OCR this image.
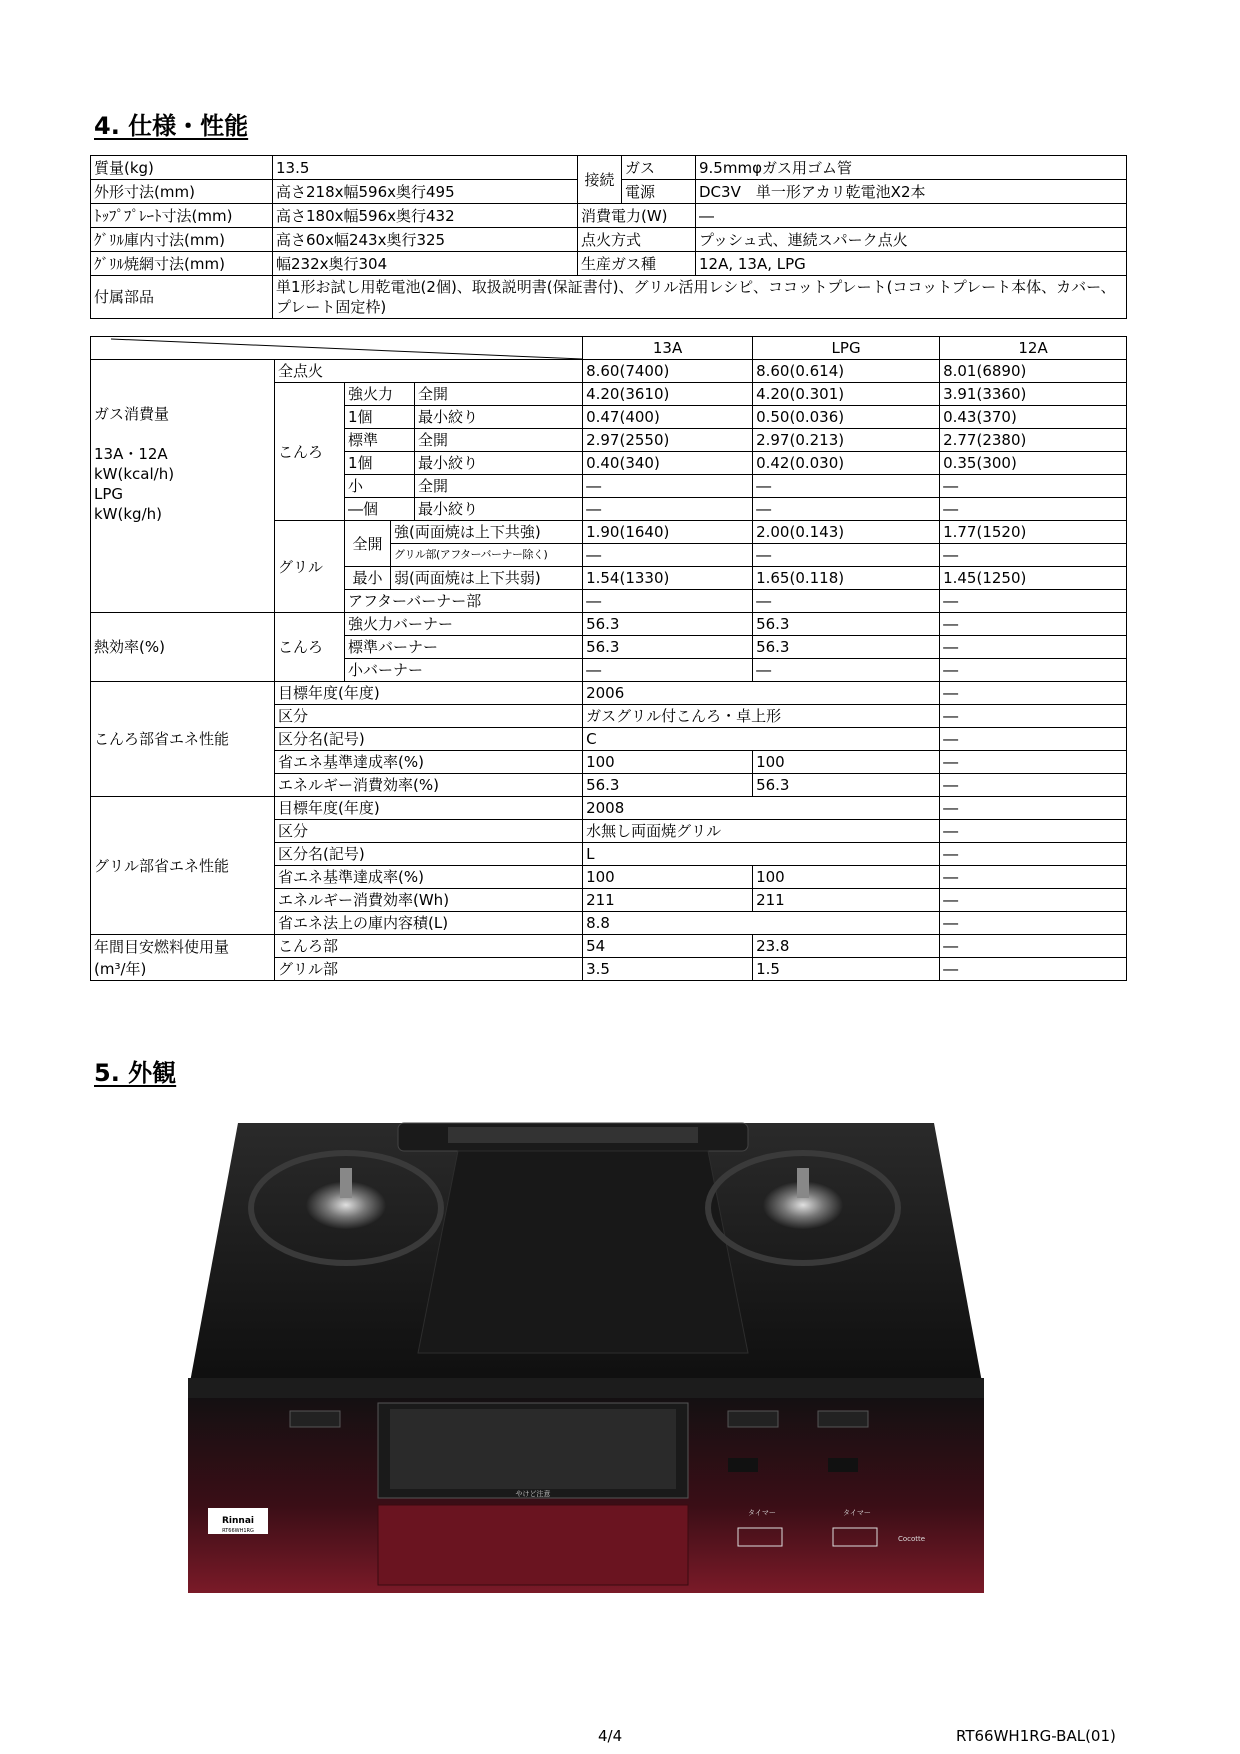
4. 仕様・性能
質量(kg)	13.5	接続	ガス	9.5mmφガス用ゴム管
外形寸法(mm)	高さ218x幅596x奥行495		電源	DC3V　単一形アカリ乾電池X2本
ﾄｯﾌﾟﾌﾟﾚｰﾄ寸法(mm)	高さ180x幅596x奥行432	消費電力(W)		―
ｸﾞﾘﾙ庫内寸法(mm)	高さ60x幅243x奥行325	点火方式		プッシュ式、連続スパーク点火
ｸﾞﾘﾙ焼網寸法(mm)	幅232x奥行304	生産ガス種		12A, 13A, LPG
付属部品	単1形お試し用乾電池(2個)、取扱説明書(保証書付)、グリル活用レシピ、ココットプレート(ココットプレート本体、カバー、プレート固定枠)			
	13A	LPG	12A

ガス消費量
13A・12A
kW(kcal/h)
LPG
kW(kg/h)	全点火				8.60(7400)	8.60(0.614)	8.01(6890)
	こんろ	強火力		全開	4.20(3610)	4.20(0.301)	3.91(3360)
		1個		最小絞り	0.47(400)	0.50(0.036)	0.43(370)
		標準		全開	2.97(2550)	2.97(0.213)	2.77(2380)
		1個		最小絞り	0.40(340)	0.42(0.030)	0.35(300)
		小		全開	―	―	―
		―個		最小絞り	―	―	―
	グリル	全開	強(両面焼は上下共強)		1.90(1640)	2.00(0.143)	1.77(1520)
			グリル部(アフターバーナー除く)		―	―	―
		最小	弱(両面焼は上下共弱)		1.54(1330)	1.65(0.118)	1.45(1250)
		アフターバーナー部			―	―	―
熱効率(%)	こんろ	強火力バーナー			56.3	56.3	―
		標準バーナー			56.3	56.3	―
		小バーナー			―	―	―
こんろ部省エネ性能	目標年度(年度)				2006		―
	区分				ガスグリル付こんろ・卓上形		―
	区分名(記号)				C		―
	省エネ基準達成率(%)				100	100	―
	エネルギー消費効率(%)				56.3	56.3	―
グリル部省エネ性能	目標年度(年度)				2008		―
	区分				水無し両面焼グリル		―
	区分名(記号)				L		―
	省エネ基準達成率(%)				100	100	―
	エネルギー消費効率(Wh)				211	211	―
	省エネ法上の庫内容積(L)				8.8		―

年間目安燃料使用量
(m³/年)	こんろ部				54	23.8	―
	グリル部				3.5	1.5	―
5. 外観
やけど注意
タイマー	タイマー
Cocotte
Rinnai
RT66WH1RG
4/4	RT66WH1RG-BAL(01)
